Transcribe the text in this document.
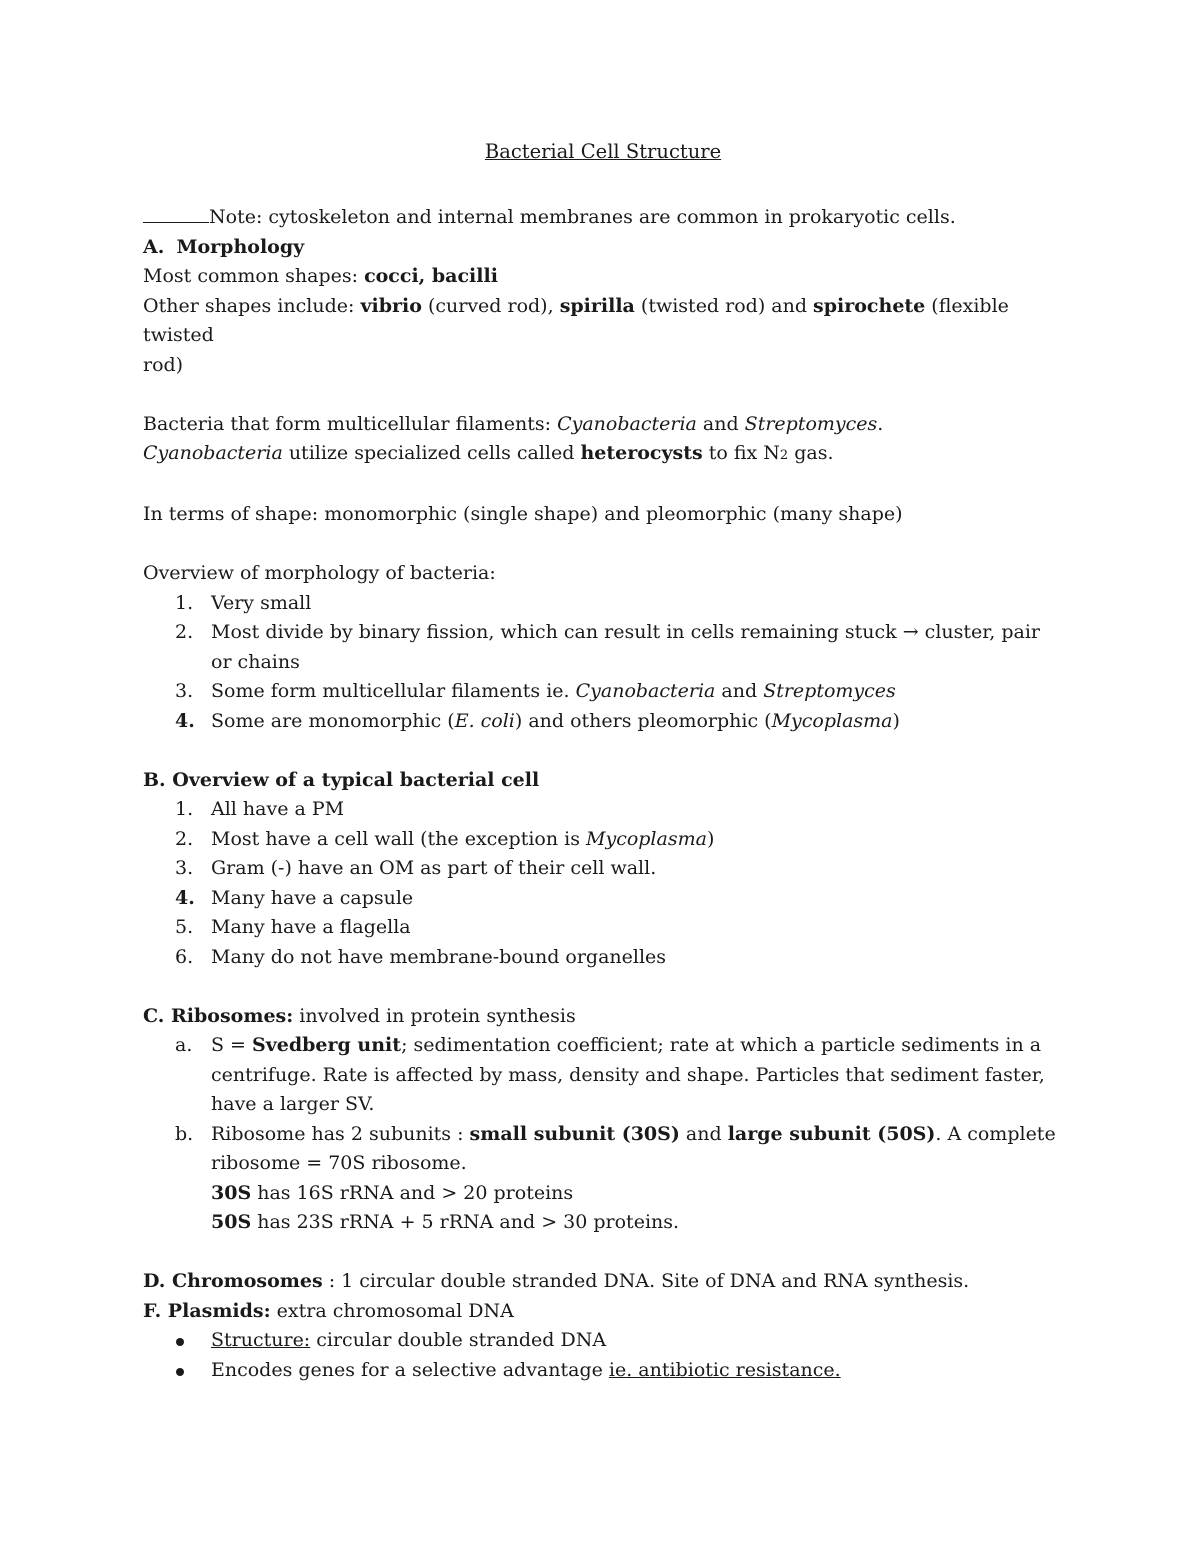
Bacterial Cell Structure

Note: cytoskeleton and internal membranes are common in prokaryotic cells.

A. Morphology

Most common shapes: cocci, bacilli

Other shapes include: vibrio (curved rod), spirilla (twisted rod) and spirochete (flexible twisted

rod)

Bacteria that form multicellular filaments: Cyanobacteria and Streptomyces.

Cyanobacteria utilize specialized cells called heterocysts to fix N2 gas.

In terms of shape: monomorphic (single shape) and pleomorphic (many shape)

Overview of morphology of bacteria:

1. Very small
2. Most divide by binary fission, which can result in cells remaining stuck → cluster, pair
or chains
3. Some form multicellular filaments ie. Cyanobacteria and Streptomyces
4. Some are monomorphic (E. coli) and others pleomorphic (Mycoplasma)

B. Overview of a typical bacterial cell

1. All have a PM
2. Most have a cell wall (the exception is Mycoplasma)
3. Gram (-) have an OM as part of their cell wall.
4. Many have a capsule
5. Many have a flagella
6. Many do not have membrane-bound organelles

C. Ribosomes: involved in protein synthesis

a. S = Svedberg unit; sedimentation coefficient; rate at which a particle sediments in a
centrifuge. Rate is affected by mass, density and shape. Particles that sediment faster,
have a larger SV.
b. Ribosome has 2 subunits : small subunit (30S) and large subunit (50S). A complete
ribosome = 70S ribosome.
30S has 16S rRNA and > 20 proteins
50S has 23S rRNA + 5 rRNA and > 30 proteins.

D. Chromosomes : 1 circular double stranded DNA. Site of DNA and RNA synthesis.

F. Plasmids: extra chromosomal DNA

Structure: circular double stranded DNA
Encodes genes for a selective advantage ie. antibiotic resistance.
